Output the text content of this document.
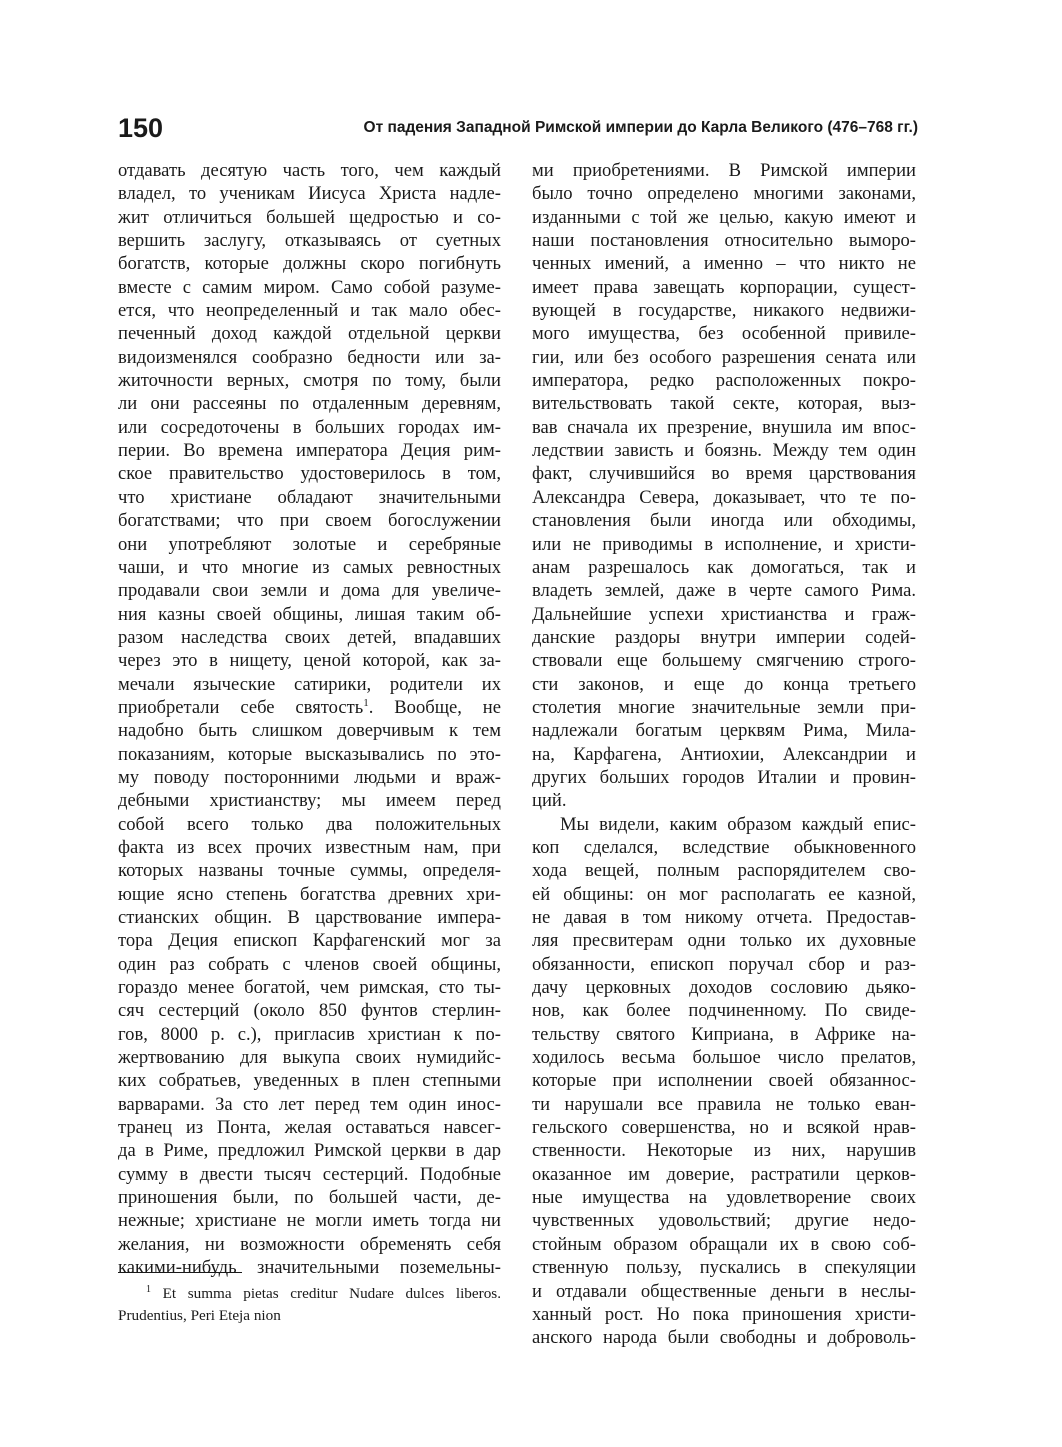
150	От падения Западной Римской империи до Карла Великого (476–768 гг.)
отдавать десятую часть того, чем каждый
владел, то ученикам Иисуса Христа надле-
жит отличиться большей щедростью и со-
вершить заслугу, отказываясь от суетных
богатств, которые должны скоро погибнуть
вместе с самим миром. Само собой разуме-
ется, что неопределенный и так мало обес-
печенный доход каждой отдельной церкви
видоизменялся сообразно бедности или за-
житочности верных, смотря по тому, были
ли они рассеяны по отдаленным деревням,
или сосредоточены в больших городах им-
перии. Во времена императора Деция рим-
ское правительство удостоверилось в том,
что христиане обладают значительными
богатствами; что при своем богослужении
они употребляют золотые и серебряные
чаши, и что многие из самых ревностных
продавали свои земли и дома для увеличе-
ния казны своей общины, лишая таким об-
разом наследства своих детей, впадавших
через это в нищету, ценой которой, как за-
мечали языческие сатирики, родители их
приобретали себе святость$^1$. Вообще, не
надобно быть слишком доверчивым к тем
показаниям, которые высказывались по это-
му поводу посторонними людьми и враж-
дебными христианству; мы имеем перед
собой всего только два положительных
факта из всех прочих известным нам, при
которых названы точные суммы, определя-
ющие ясно степень богатства древних хри-
стианских общин. В царствование импера-
тора Деция епископ Карфагенский мог за
один раз собрать с членов своей общины,
гораздо менее богатой, чем римская, сто ты-
сяч сестерций (около 850 фунтов стерлин-
гов, 8000 р. с.), пригласив христиан к по-
жертвованию для выкупа своих нумидийс-
ких собратьев, уведенных в плен степными
варварами. За сто лет перед тем один инос-
транец из Понта, желая оставаться навсег-
да в Риме, предложил Римской церкви в дар
сумму в двести тысяч сестерций. Подобные
приношения были, по большей части, де-
нежные; христиане не могли иметь тогда ни
желания, ни возможности обременять себя
какими-нибудь значительными поземельны-
ми приобретениями. В Римской империи
было точно определено многими законами,
изданными с той же целью, какую имеют и
наши постановления относительно выморо-
ченных имений, а именно – что никто не
имеет права завещать корпорации, сущест-
вующей в государстве, никакого недвижи-
мого имущества, без особенной привиле-
гии, или без особого разрешения сената или
императора, редко расположенных покро-
вительствовать такой секте, которая, выз-
вав сначала их презрение, внушила им впос-
ледствии зависть и боязнь. Между тем один
факт, случившийся во время царствования
Александра Севера, доказывает, что те по-
становления были иногда или обходимы,
или не приводимы в исполнение, и христи-
анам разрешалось как домогаться, так и
владеть землей, даже в черте самого Рима.
Дальнейшие успехи христианства и граж-
данские раздоры внутри империи содей-
ствовали еще большему смягчению строго-
сти законов, и еще до конца третьего
столетия многие значительные земли при-
надлежали богатым церквям Рима, Мила-
на, Карфагена, Антиохии, Александрии и
других больших городов Италии и провин-
ций.
Мы видели, каким образом каждый епис-
коп сделался, вследствие обыкновенного
хода вещей, полным распорядителем сво-
ей общины: он мог располагать ее казной,
не давая в том никому отчета. Предостав-
ляя пресвитерам одни только их духовные
обязанности, епископ поручал сбор и раз-
дачу церковных доходов сословию дьяко-
нов, как более подчиненному. По свиде-
тельству святого Киприана, в Африке на-
ходилось весьма большое число прелатов,
которые при исполнении своей обязаннос-
ти нарушали все правила не только еван-
гельского совершенства, но и всякой нрав-
ственности. Некоторые из них, нарушив
оказанное им доверие, растратили церков-
ные имущества на удовлетворение своих
чувственных удовольствий; другие недо-
стойным образом обращали их в свою соб-
ственную пользу, пускались в спекуляции
и отдавали общественные деньги в неслы-
ханный рост. Но пока приношения христи-
анского народа были свободны и доброволь-
$^1$ Et summa pietas creditur Nudare dulces liberos.
Prudentius, Peri Eteja nion
